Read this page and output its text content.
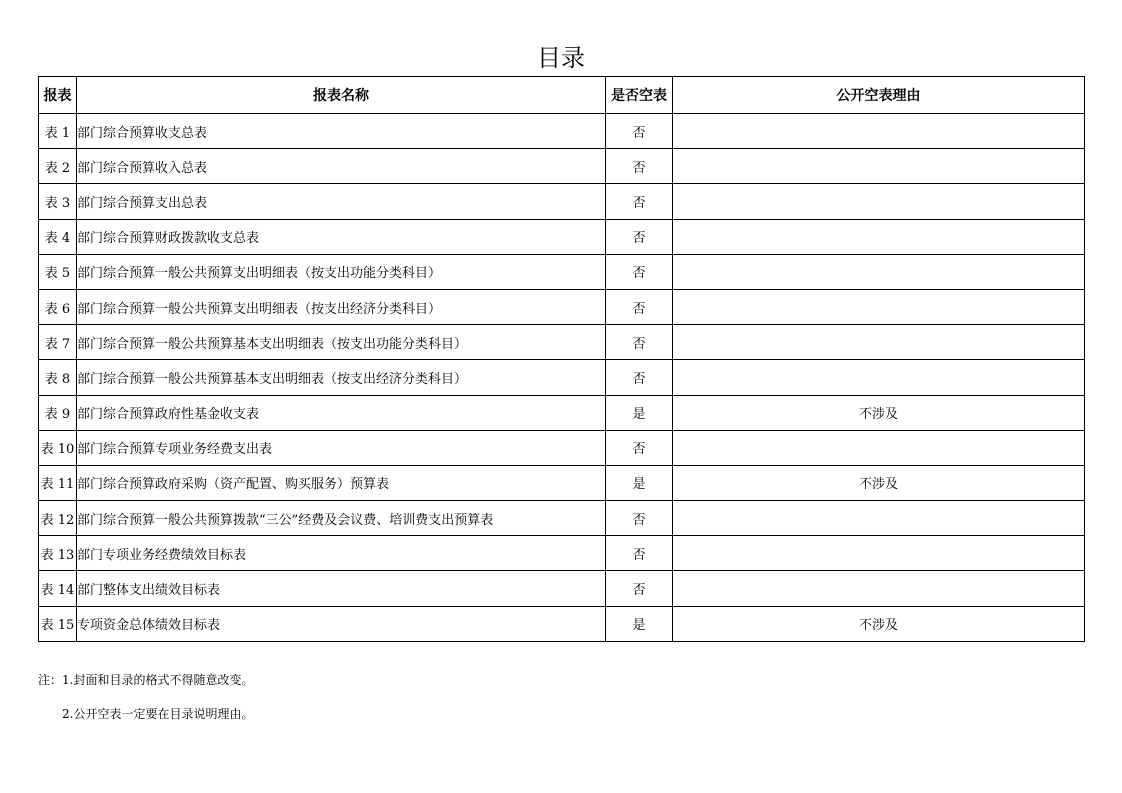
目录
报表	报表名称	是否空表	公开空表理由
表 1	部门综合预算收支总表	否	
表 2	部门综合预算收入总表	否	
表 3	部门综合预算支出总表	否	
表 4	部门综合预算财政拨款收支总表	否	
表 5	部门综合预算一般公共预算支出明细表（按支出功能分类科目）	否	
表 6	部门综合预算一般公共预算支出明细表（按支出经济分类科目）	否	
表 7	部门综合预算一般公共预算基本支出明细表（按支出功能分类科目）	否	
表 8	部门综合预算一般公共预算基本支出明细表（按支出经济分类科目）	否	
表 9	部门综合预算政府性基金收支表	是	不涉及
表 10	部门综合预算专项业务经费支出表	否	
表 11	部门综合预算政府采购（资产配置、购买服务）预算表	是	不涉及
表 12	部门综合预算一般公共预算拨款“三公”经费及会议费、培训费支出预算表	否	
表 13	部门专项业务经费绩效目标表	否	
表 14	部门整体支出绩效目标表	否	
表 15	专项资金总体绩效目标表	是	不涉及
注：1.封面和目录的格式不得随意改变。
2.公开空表一定要在目录说明理由。
